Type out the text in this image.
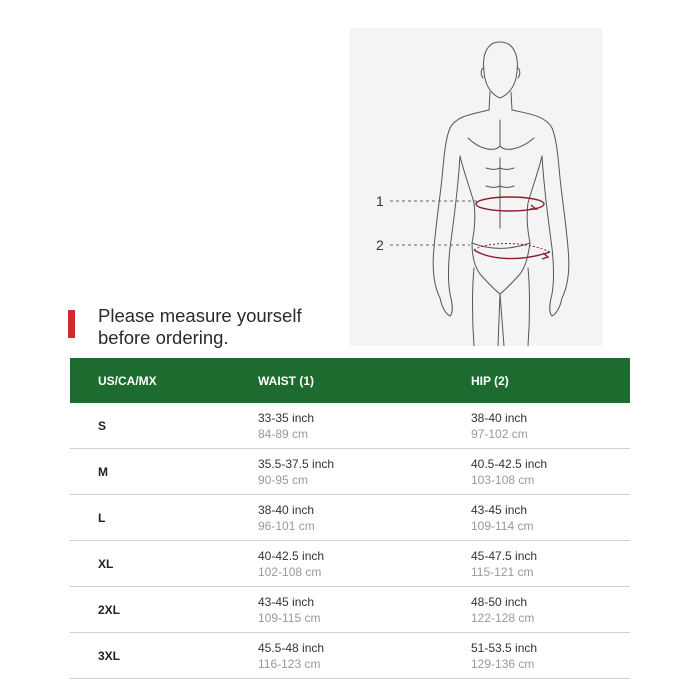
1
2
Please measure yourself
before ordering.
US/CA/MX	WAIST (1)	HIP (2)
S
33-35 inch
84-89 cm
38-40 inch
97-102 cm
M
35.5-37.5 inch
90-95 cm
40.5-42.5 inch
103-108 cm
L
38-40 inch
96-101 cm
43-45 inch
109-114 cm
XL
40-42.5 inch
102-108 cm
45-47.5 inch
115-121 cm
2XL
43-45 inch
109-115 cm
48-50 inch
122-128 cm
3XL
45.5-48 inch
116-123 cm
51-53.5 inch
129-136 cm
